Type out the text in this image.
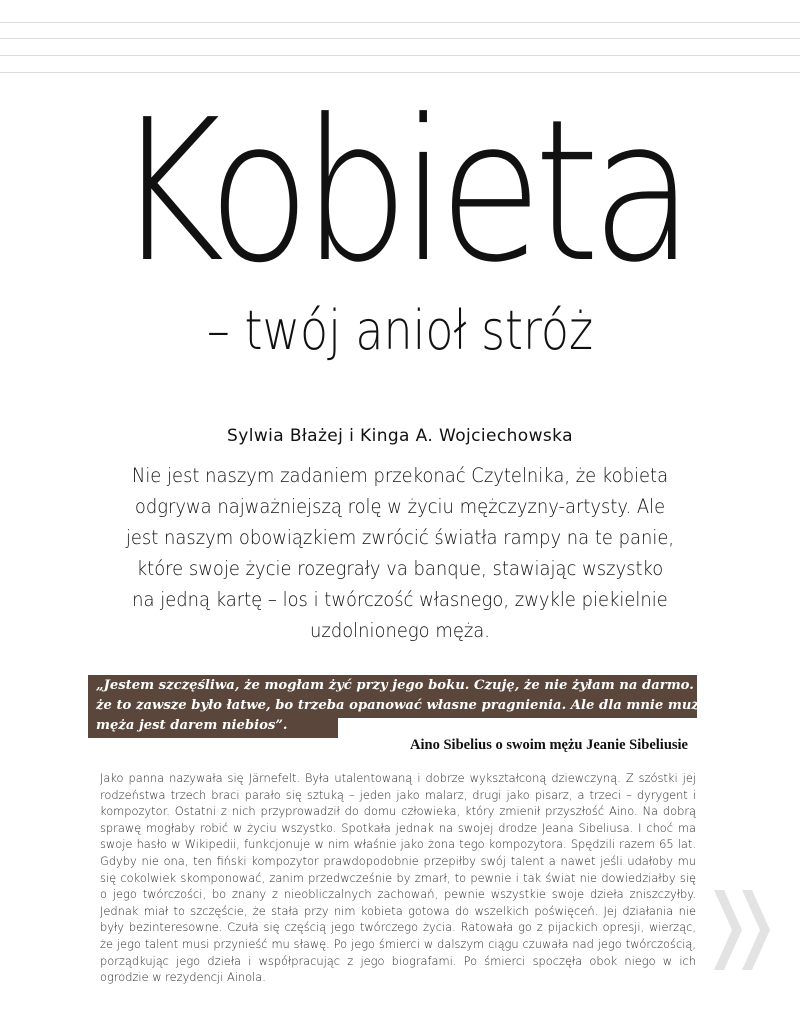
Kobieta
– twój anioł stróż
Sylwia Błażej i Kinga A. Wojciechowska
Nie jest naszym zadaniem przekonać Czytelnika, że kobieta odgrywa najważniejszą rolę w życiu mężczyzny-artysty. Ale jest naszym obowiązkiem zwrócić światła rampy na te panie, które swoje życie rozegrały va banque, stawiając wszystko na jedną kartę – los i twórczość własnego, zwykle piekielnie uzdolnionego męża.
„Jestem szczęśliwa, że mogłam żyć przy jego boku. Czuję, że nie żyłam na darmo. Nie powiem,
że to zawsze było łatwe, bo trzeba opanować własne pragnienia. Ale dla mnie muzyka mojego
męża jest darem niebios”.
Aino Sibelius o swoim mężu Jeanie Sibeliusie
Jako panna nazywała się Järnefelt. Była utalentowaną i dobrze wykształconą dziewczyną. Z szóstki jej rodzeństwa trzech braci parało się sztuką – jeden jako malarz, drugi jako pisarz, a trzeci – dyrygent i kompozytor. Ostatni z nich przyprowadził do domu człowieka, który zmienił przyszłość Aino. Na dobrą sprawę mogłaby robić w życiu wszystko. Spotkała jednak na swojej drodze Jeana Sibeliusa. I choć ma swoje hasło w Wikipedii, funkcjonuje w nim właśnie jako żona tego kompozytora. Spędzili razem 65 lat. Gdyby nie ona, ten fiński kompozytor prawdopodobnie przepiłby swój talent a nawet jeśli udałoby mu się cokolwiek skomponować, zanim przedwcześnie by zmarł, to pewnie i tak świat nie dowiedziałby się o jego twórczości, bo znany z nieobliczalnych zachowań, pewnie wszystkie swoje dzieła zniszczyłby. Jednak miał to szczęście, że stała przy nim kobieta gotowa do wszelkich poświęceń. Jej działania nie były bezinteresowne. Czuła się częścią jego twórczego życia. Ratowała go z pijackich opresji, wierząc, że jego talent musi przynieść mu sławę. Po jego śmierci w dalszym ciągu czuwała nad jego twórczością, porządkując jego dzieła i współpracując z jego biografami. Po śmierci spoczęła obok niego w ich ogrodzie w rezydencji Ainola.
